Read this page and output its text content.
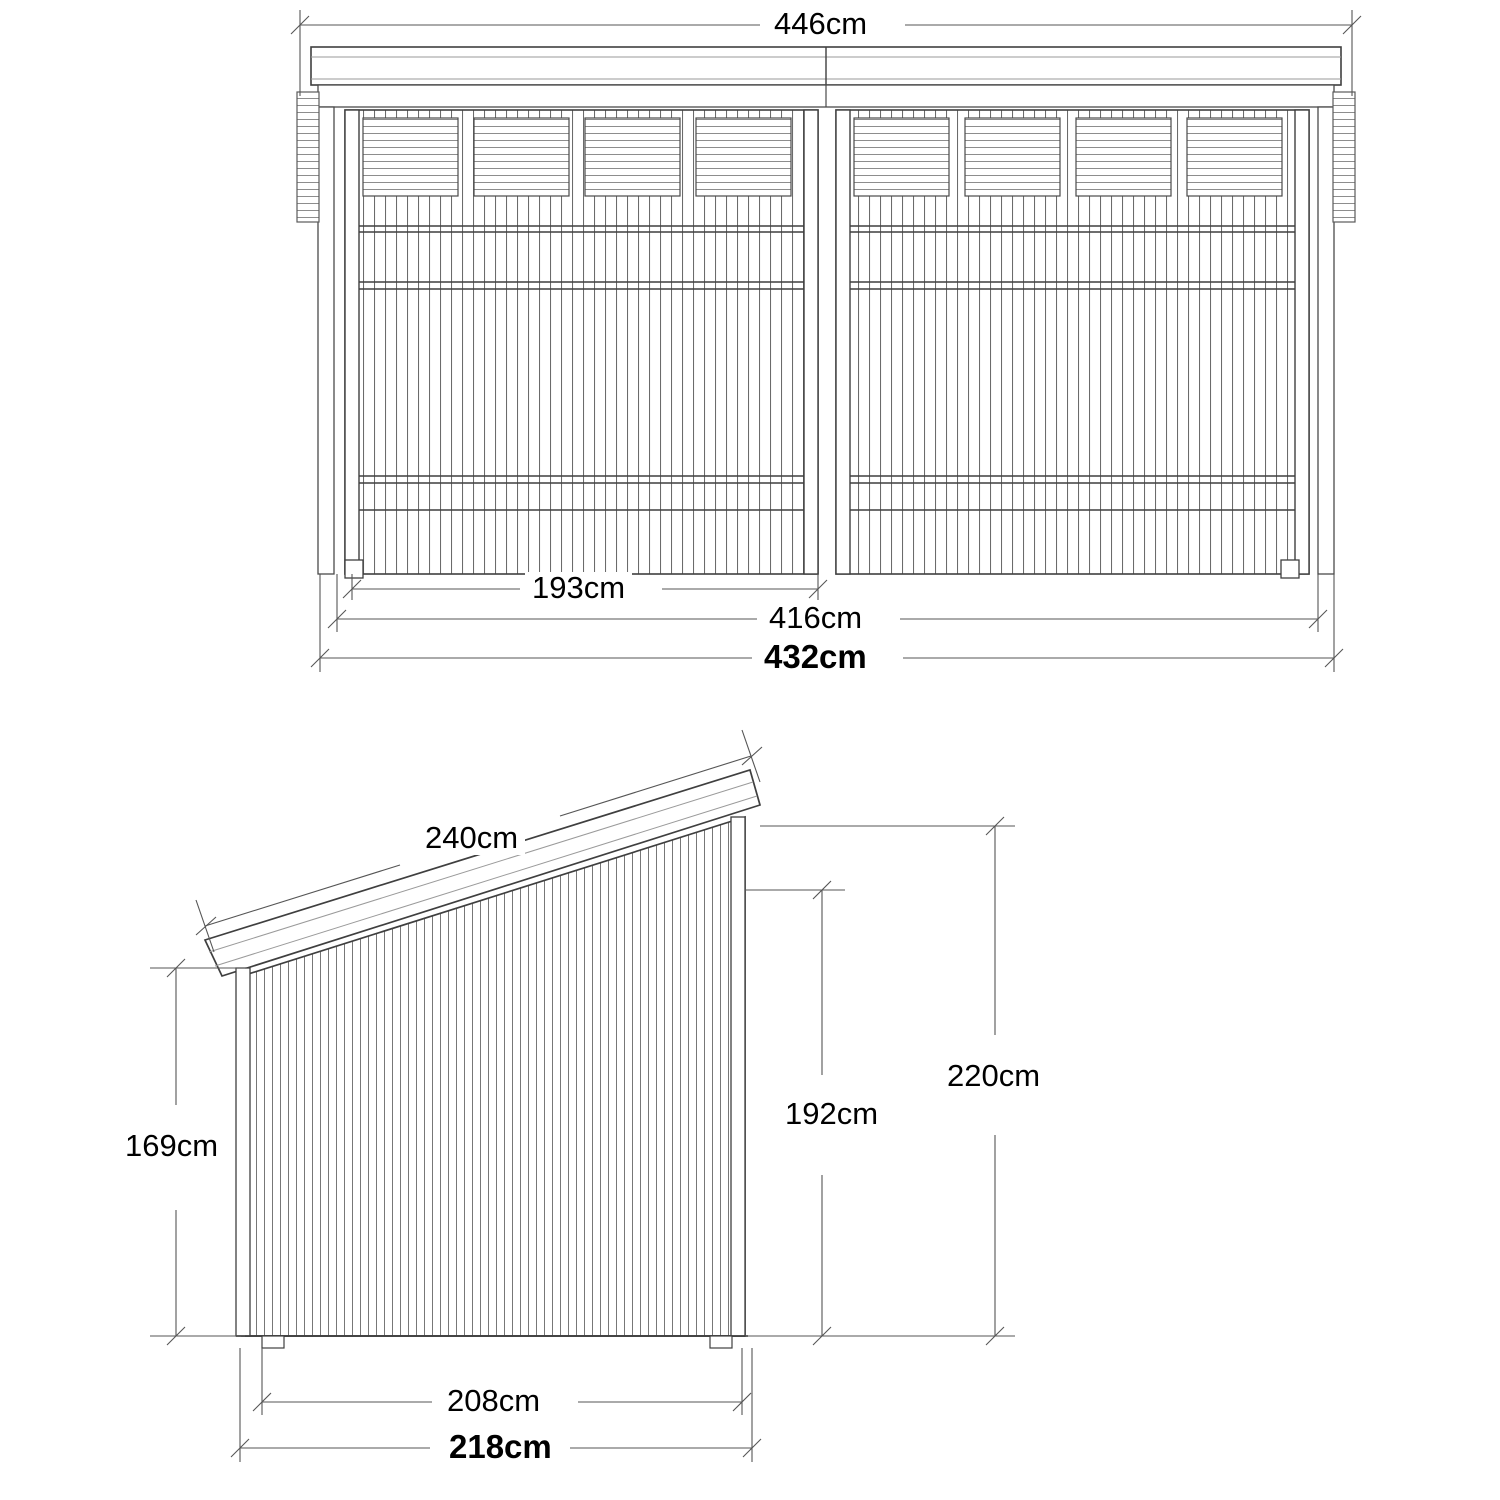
446cm
193cm
416cm
432cm
240cm
169cm
192cm
220cm
208cm
218cm
